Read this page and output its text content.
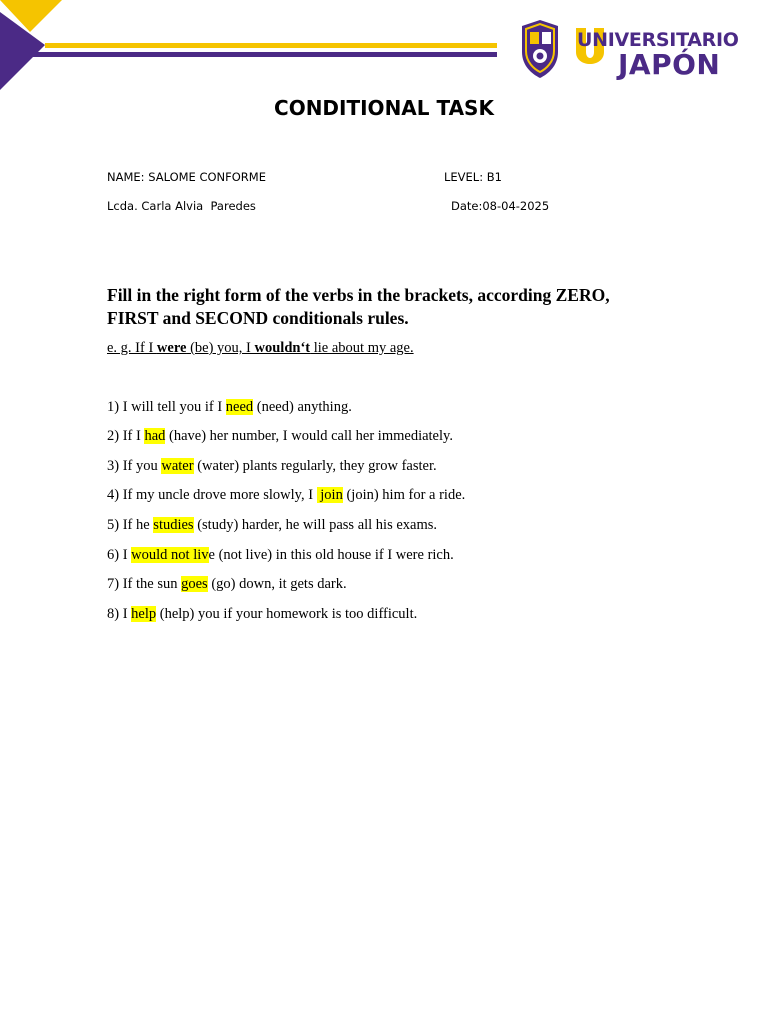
UNIVERSITARIO
JAPÓN
CONDITIONAL TASK
NAME: SALOME CONFORME	LEVEL: B1
Lcda. Carla Alvia  Paredes	Date:08-04-2025
Fill in the right form of the verbs in the brackets, according ZERO, FIRST and SECOND conditionals rules.
e. g. If I were (be) you, I wouldn‘t lie about my age.
1) I will tell you if I need (need) anything.
2) If I had (have) her number, I would call her immediately.
3) If you water (water) plants regularly, they grow faster.
4) If my uncle drove more slowly, I  join (join) him for a ride.
5) If he studies (study) harder, he will pass all his exams.
6) I would not live (not live) in this old house if I were rich.
7) If the sun goes (go) down, it gets dark.
8) I help (help) you if your homework is too difficult.
